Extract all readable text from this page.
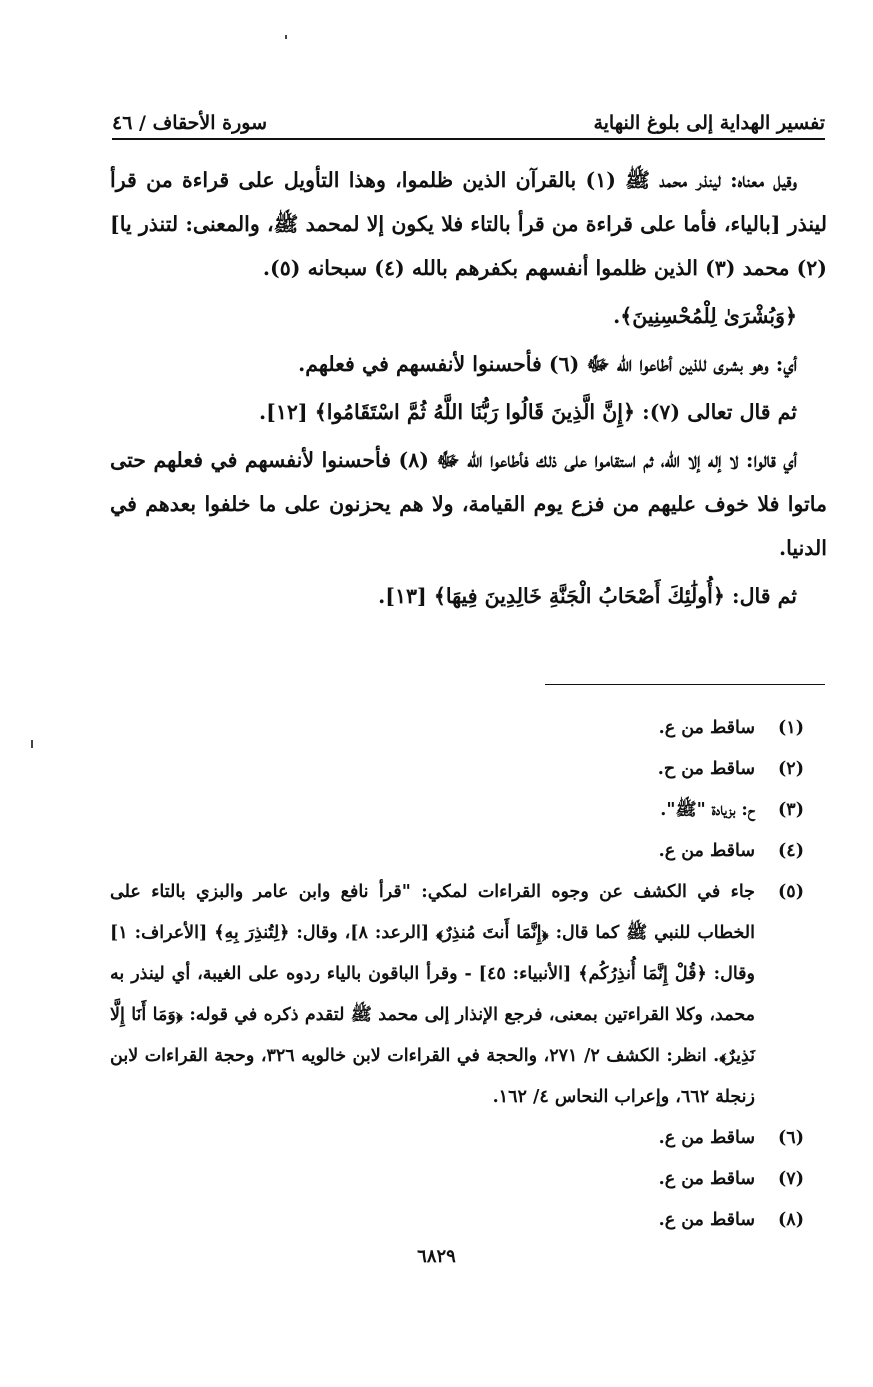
سورة الأحقاف / ٤٦	تفسير الهداية إلى بلوغ النهاية

وقيل معناه: لينذر محمد ﷺ (١) بالقرآن الذين ظلموا، وهذا التأويل على قراءة من قرأ لينذر [بالياء، فأما على قراءة من قرأ بالتاء فلا يكون إلا لمحمد ﷺ، والمعنى: لتنذر يا] (٢) محمد (٣) الذين ظلموا أنفسهم بكفرهم بالله (٤) سبحانه (٥).

﴿وَبُشْرَىٰ لِلْمُحْسِنِينَ﴾.

أي: وهو بشرى للذين أطاعوا الله ﷻ (٦) فأحسنوا لأنفسهم في فعلهم.

ثم قال تعالى (٧): ﴿إِنَّ الَّذِينَ قَالُوا رَبُّنَا اللَّهُ ثُمَّ اسْتَقَامُوا﴾ [١٢].

أي قالوا: لا إله إلا الله، ثم استقاموا على ذلك فأطاعوا الله ﷻ (٨) فأحسنوا لأنفسهم في فعلهم حتى ماتوا فلا خوف عليهم من فزع يوم القيامة، ولا هم يحزنون على ما خلفوا بعدهم في الدنيا.

ثم قال: ﴿أُولَٰئِكَ أَصْحَابُ الْجَنَّةِ خَالِدِينَ فِيهَا﴾ [١٣].

(١)
ساقط من ع.
(٢)
ساقط من ح.
(٣)
ح: بزيادة "ﷺ".
(٤)
ساقط من ع.
(٥)
جاء في الكشف عن وجوه القراءات لمكي: "قرأ نافع وابن عامر والبزي بالتاء على الخطاب للنبي ﷺ كما قال: ﴿إِنَّمَا أَنتَ مُنذِرٌ﴾ [الرعد: ٨]، وقال: ﴿لِتُنذِرَ بِهِ﴾ [الأعراف: ١] وقال: ﴿قُلْ إِنَّمَا أُنذِرُكُم﴾ [الأنبياء: ٤٥] - وقرأ الباقون بالياء ردوه على الغيبة، أي لينذر به محمد، وكلا القراءتين بمعنى، فرجع الإنذار إلى محمد ﷺ لتقدم ذكره في قوله: ﴿وَمَا أَنَا إِلَّا نَذِيرٌ﴾. انظر: الكشف ٢/ ٢٧١، والحجة في القراءات لابن خالويه ٣٢٦، وحجة القراءات لابن زنجلة ٦٦٢، وإعراب النحاس ٤/ ١٦٢.
(٦)
ساقط من ع.
(٧)
ساقط من ع.
(٨)
ساقط من ع.
٦٨٢٩
